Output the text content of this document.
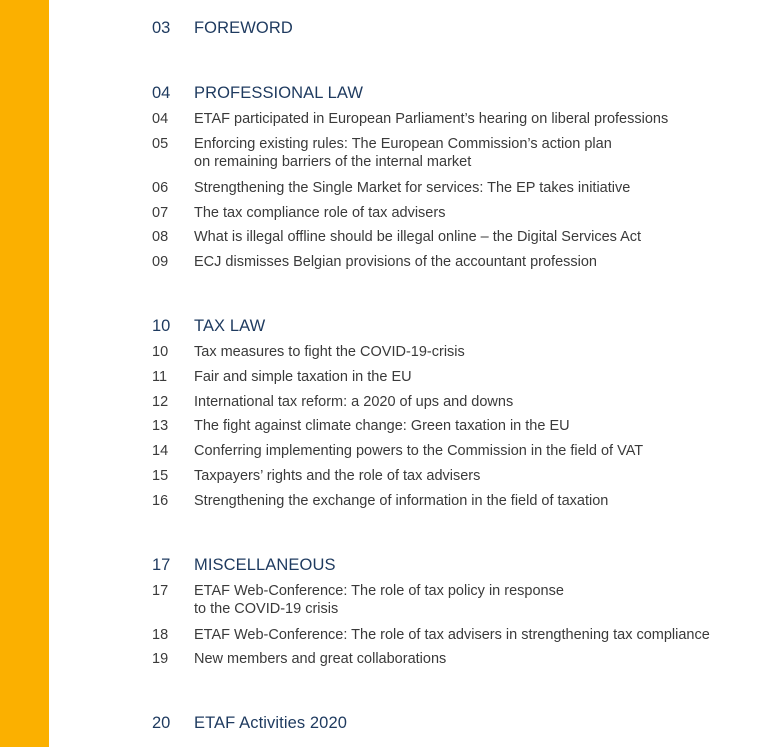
03	FOREWORD
04	PROFESSIONAL LAW
04	ETAF participated in European Parliament’s hearing on liberal professions
05	Enforcing existing rules: The European Commission’s action plan
on remaining barriers of the internal market
06	Strengthening the Single Market for services: The EP takes initiative
07	The tax compliance role of tax advisers
08	What is illegal offline should be illegal online – the Digital Services Act
09	ECJ dismisses Belgian provisions of the accountant profession
10	TAX LAW
10	Tax measures to fight the COVID-19-crisis
11	Fair and simple taxation in the EU
12	International tax reform: a 2020 of ups and downs
13	The fight against climate change: Green taxation in the EU
14	Conferring implementing powers to the Commission in the field of VAT
15	Taxpayers’ rights and the role of tax advisers
16	Strengthening the exchange of information in the field of taxation
17	MISCELLANEOUS
17	ETAF Web-Conference: The role of tax policy in response
to the COVID-19 crisis
18	ETAF Web-Conference: The role of tax advisers in strengthening tax compliance
19	New members and great collaborations
20	ETAF Activities 2020
